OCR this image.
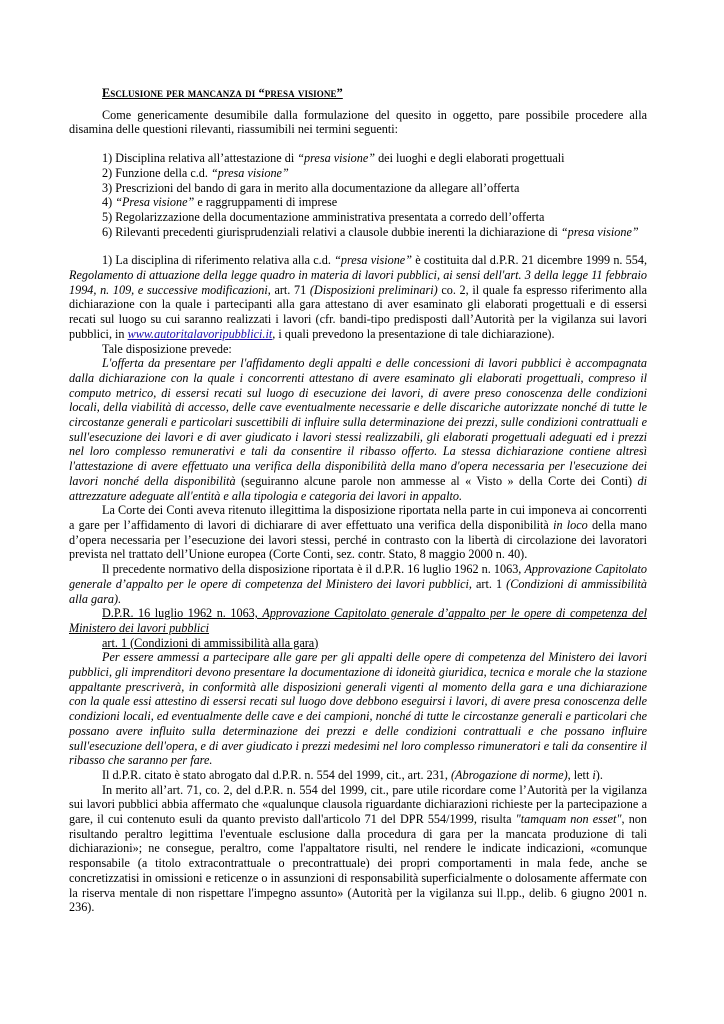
Esclusione per mancanza di “presa visione”

Come genericamente desumibile dalla formulazione del quesito in oggetto, pare possibile procedere alla disamina delle questioni rilevanti, riassumibili nei termini seguenti:

1) Disciplina relativa all’attestazione di “presa visione” dei luoghi e degli elaborati progettuali
2) Funzione della c.d. “presa visione”
3) Prescrizioni del bando di gara in merito alla documentazione da allegare all’offerta
4) “Presa visione” e raggruppamenti di imprese
5) Regolarizzazione della documentazione amministrativa presentata a corredo dell’offerta
6) Rilevanti precedenti giurisprudenziali relativi a clausole dubbie inerenti la dichiarazione di “presa visione”

1) La disciplina di riferimento relativa alla c.d. “presa visione” è costituita dal d.P.R. 21 dicembre 1999 n. 554, Regolamento di attuazione della legge quadro in materia di lavori pubblici, ai sensi dell'art. 3 della legge 11 febbraio 1994, n. 109, e successive modificazioni, art. 71 (Disposizioni preliminari) co. 2, il quale fa espresso riferimento alla dichiarazione con la quale i partecipanti alla gara attestano di aver esaminato gli elaborati progettuali e di essersi recati sul luogo su cui saranno realizzati i lavori (cfr. bandi-tipo predisposti dall’Autorità per la vigilanza sui lavori pubblici, in www.autoritalavoripubblici.it, i quali prevedono la presentazione di tale dichiarazione).

Tale disposizione prevede:

L'offerta da presentare per l'affidamento degli appalti e delle concessioni di lavori pubblici è accompagnata dalla dichiarazione con la quale i concorrenti attestano di avere esaminato gli elaborati progettuali, compreso il computo metrico, di essersi recati sul luogo di esecuzione dei lavori, di avere preso conoscenza delle condizioni locali, della viabilità di accesso, delle cave eventualmente necessarie e delle discariche autorizzate nonché di tutte le circostanze generali e particolari suscettibili di influire sulla determinazione dei prezzi, sulle condizioni contrattuali e sull'esecuzione dei lavori e di aver giudicato i lavori stessi realizzabili, gli elaborati progettuali adeguati ed i prezzi nel loro complesso remunerativi e tali da consentire il ribasso offerto. La stessa dichiarazione contiene altresì l'attestazione di avere effettuato una verifica della disponibilità della mano d'opera necessaria per l'esecuzione dei lavori nonché della disponibilità (seguiranno alcune parole non ammesse al « Visto » della Corte dei Conti) di attrezzature adeguate all'entità e alla tipologia e categoria dei lavori in appalto.

La Corte dei Conti aveva ritenuto illegittima la disposizione riportata nella parte in cui imponeva ai concorrenti a gare per l’affidamento di lavori di dichiarare di aver effettuato una verifica della disponibilità in loco della mano d’opera necessaria per l’esecuzione dei lavori stessi, perché in contrasto con la libertà di circolazione dei lavoratori prevista nel trattato dell’Unione europea (Corte Conti, sez. contr. Stato, 8 maggio 2000 n. 40).

Il precedente normativo della disposizione riportata è il d.P.R. 16 luglio 1962 n. 1063, Approvazione Capitolato generale d’appalto per le opere di competenza del Ministero dei lavori pubblici, art. 1 (Condizioni di ammissibilità alla gara).

D.P.R. 16 luglio 1962 n. 1063, Approvazione Capitolato generale d’appalto per le opere di competenza del Ministero dei lavori pubblici

art. 1 (Condizioni di ammissibilità alla gara)

Per essere ammessi a partecipare alle gare per gli appalti delle opere di competenza del Ministero dei lavori pubblici, gli imprenditori devono presentare la documentazione di idoneità giuridica, tecnica e morale che la stazione appaltante prescriverà, in conformità alle disposizioni generali vigenti al momento della gara e una dichiarazione con la quale essi attestino di essersi recati sul luogo dove debbono eseguirsi i lavori, di avere presa conoscenza delle condizioni locali, ed eventualmente delle cave e dei campioni, nonché di tutte le circostanze generali e particolari che possano avere influito sulla determinazione dei prezzi e delle condizioni contrattuali e che possano influire sull'esecuzione dell'opera, e di aver giudicato i prezzi medesimi nel loro complesso rimuneratori e tali da consentire il ribasso che saranno per fare.

Il d.P.R. citato è stato abrogato dal d.P.R. n. 554 del 1999, cit., art. 231, (Abrogazione di norme), lett i).

In merito all’art. 71, co. 2, del d.P.R. n. 554 del 1999, cit., pare utile ricordare come l’Autorità per la vigilanza sui lavori pubblici abbia affermato che «qualunque clausola riguardante dichiarazioni richieste per la partecipazione a gare, il cui contenuto esuli da quanto previsto dall'articolo 71 del DPR 554/1999, risulta "tamquam non esset", non risultando peraltro legittima l'eventuale esclusione dalla procedura di gara per la mancata produzione di tali dichiarazioni»; ne consegue, peraltro, come l'appaltatore risulti, nel rendere le indicate indicazioni, «comunque responsabile (a titolo extracontrattuale o precontrattuale) dei propri comportamenti in mala fede, anche se concretizzatisi in omissioni e reticenze o in assunzioni di responsabilità superficialmente o dolosamente affermate con la riserva mentale di non rispettare l'impegno assunto» (Autorità per la vigilanza sui ll.pp., delib. 6 giugno 2001 n. 236).
